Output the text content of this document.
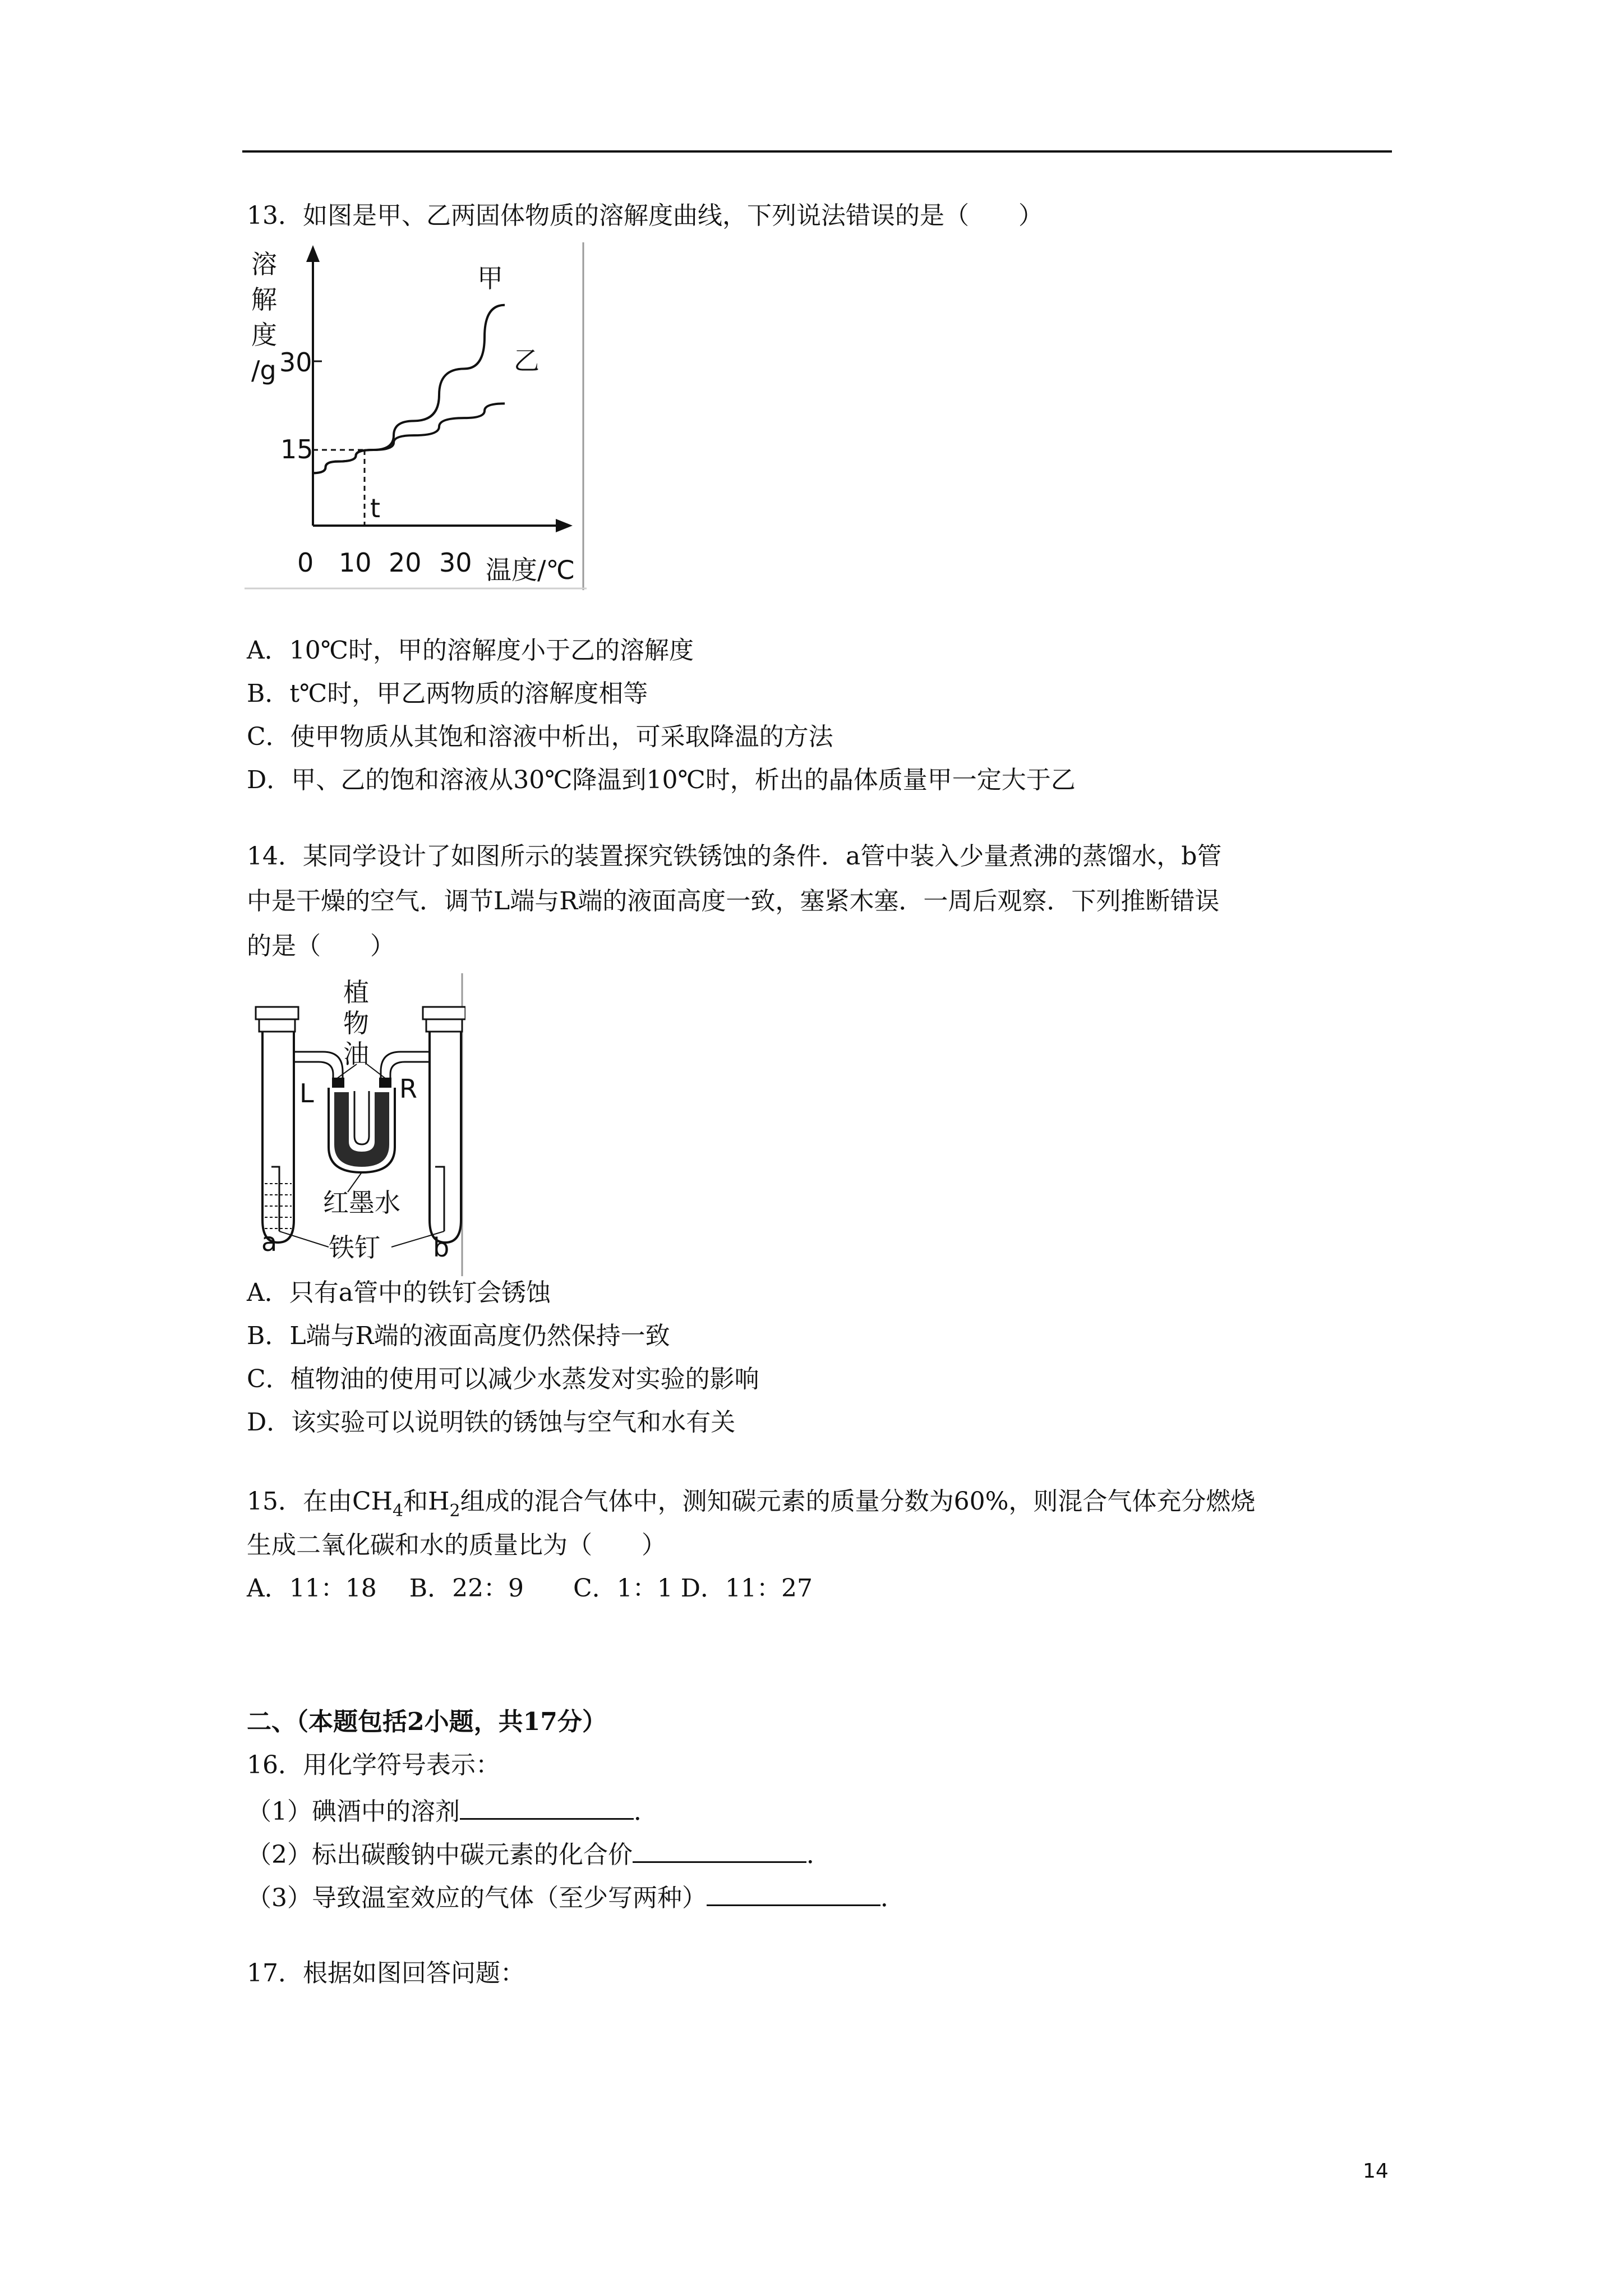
13．如图是甲、乙两固体物质的溶解度曲线，下列说法错误的是（　　）
溶
解
度
/g 30
15
t
甲
乙
0 10 20 30 温度/℃
A．10℃时，甲的溶解度小于乙的溶解度
B．t℃时，甲乙两物质的溶解度相等
C．使甲物质从其饱和溶液中析出，可采取降温的方法
D．甲、乙的饱和溶液从30℃降温到10℃时，析出的晶体质量甲一定大于乙
14．某同学设计了如图所示的装置探究铁锈蚀的条件．a管中装入少量煮沸的蒸馏水，b管
中是干燥的空气．调节L端与R端的液面高度一致，塞紧木塞．一周后观察．下列推断错误
的是（　　）
植
物
油
L	R
红墨水
铁钉
a	b
A．只有a管中的铁钉会锈蚀
B．L端与R端的液面高度仍然保持一致
C．植物油的使用可以减少水蒸发对实验的影响
D．该实验可以说明铁的锈蚀与空气和水有关
15．在由$CH_4$和$H_2$组成的混合气体中，测知碳元素的质量分数为60%，则混合气体充分燃烧
生成二氧化碳和水的质量比为（　　）
A．11：18　 B．22：9　　C．1：1 D．11：27
二、（本题包括2小题，共17分）
16．用化学符号表示：
（1）碘酒中的溶剂	．
（2）标出碳酸钠中碳元素的化合价	．
（3）导致温室效应的气体（至少写两种）	．
17．根据如图回答问题：
14
